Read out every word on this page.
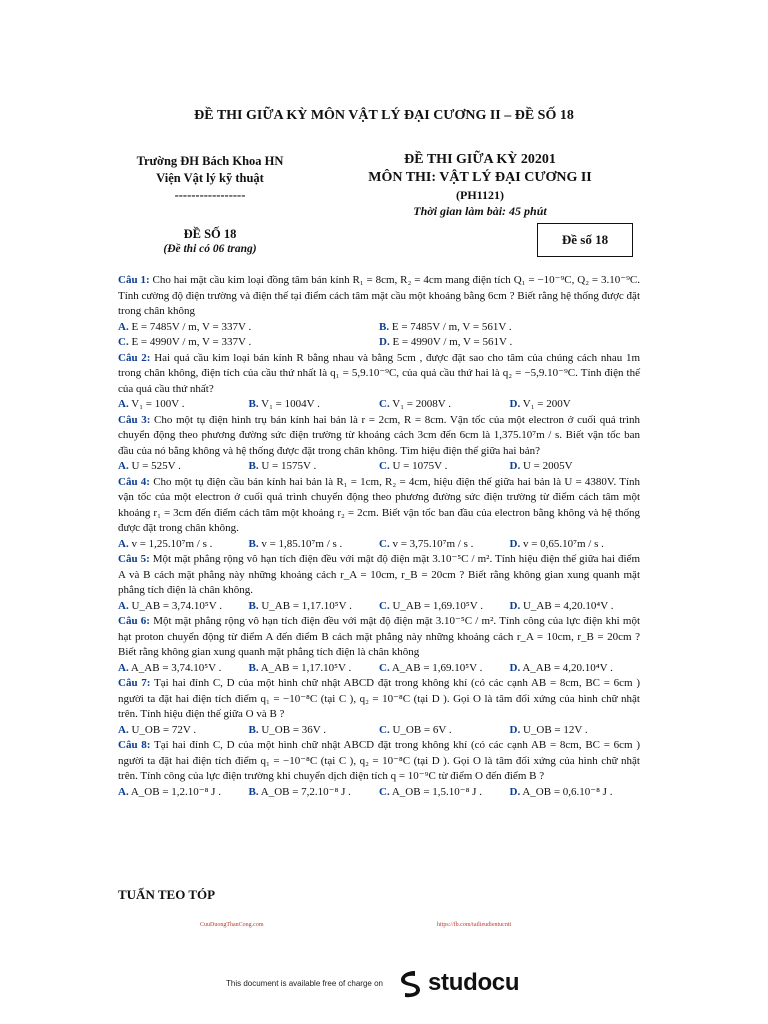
ĐỀ THI GIỮA KỲ MÔN VẬT LÝ ĐẠI CƯƠNG II – ĐỀ SỐ 18
Trường ĐH Bách Khoa HN
Viện Vật lý kỹ thuật
-----------------
ĐỀ THI GIỮA KỲ 20201
MÔN THI: VẬT LÝ ĐẠI CƯƠNG II
(PH1121)
Thời gian làm bài: 45 phút
ĐỀ SỐ 18
(Đề thi có 06 trang)
Đề số 18
Câu 1: Cho hai mặt cầu kim loại đồng tâm bán kính R₁ = 8cm, R₂ = 4cm mang điện tích Q₁ = −10⁻⁹C, Q₂ = 3.10⁻⁹C. Tính cường độ điện trường và điện thế tại điểm cách tâm mặt cầu một khoảng bằng 6cm ? Biết rằng hệ thống được đặt trong chân không
A. E = 7485V / m, V = 337V .	B. E = 7485V / m, V = 561V .
C. E = 4990V / m, V = 337V .	D. E = 4990V / m, V = 561V .
Câu 2: Hai quả cầu kim loại bán kính R bằng nhau và bằng 5cm , được đặt sao cho tâm của chúng cách nhau 1m trong chân không, điện tích của cầu thứ nhất là q₁ = 5,9.10⁻⁹C, của quả cầu thứ hai là q₂ = −5,9.10⁻⁹C. Tính điện thế của quả cầu thứ nhất?
A. V₁ = 100V .	B. V₁ = 1004V .	C. V₁ = 2008V .	D. V₁ = 200V
Câu 3: Cho một tụ điện hình trụ bán kính hai bản là r = 2cm, R = 8cm. Vận tốc của một electron ở cuối quá trình chuyển động theo phương đường sức điện trường từ khoảng cách 3cm đến 6cm là 1,375.10⁷m / s. Biết vận tốc ban đầu của nó bằng không và hệ thống được đặt trong chân không. Tìm hiệu điện thế giữa hai bản?
A. U = 525V .	B. U = 1575V .	C. U = 1075V .	D. U = 2005V
Câu 4: Cho một tụ điện cầu bán kính hai bản là R₁ = 1cm, R₂ = 4cm, hiệu điện thế giữa hai bản là U = 4380V. Tính vận tốc của một electron ở cuối quá trình chuyển động theo phương đường sức điện trường từ điểm cách tâm một khoảng r₁ = 3cm đến điểm cách tâm một khoảng r₂ = 2cm. Biết vận tốc ban đầu của electron bằng không và hệ thống được đặt trong chân không.
A. v = 1,25.10⁷m / s .	B. v = 1,85.10⁷m / s .	C. v = 3,75.10⁷m / s .	D. v = 0,65.10⁷m / s .
Câu 5: Một mặt phẳng rộng vô hạn tích điện đều với mật độ điện mặt 3.10⁻⁵C / m². Tính hiệu điện thế giữa hai điểm A và B cách mặt phẳng này những khoảng cách r_A = 10cm, r_B = 20cm ? Biết rằng không gian xung quanh mặt phẳng tích điện là chân không.
A. U_AB = 3,74.10⁵V .	B. U_AB = 1,17.10⁵V .	C. U_AB = 1,69.10⁵V .	D. U_AB = 4,20.10⁴V .
Câu 6: Một mặt phẳng rộng vô hạn tích điện đều với mật độ điện mặt 3.10⁻⁵C / m². Tính công của lực điện khi một hạt proton chuyển động từ điểm A đến điểm B cách mặt phẳng này những khoảng cách r_A = 10cm, r_B = 20cm ? Biết rằng không gian xung quanh mặt phẳng tích điện là chân không
A. A_AB = 3,74.10⁵V .	B. A_AB = 1,17.10⁵V .	C. A_AB = 1,69.10⁵V .	D. A_AB = 4,20.10⁴V .
Câu 7: Tại hai đỉnh C, D của một hình chữ nhật ABCD đặt trong không khí (có các cạnh AB = 8cm, BC = 6cm ) người ta đặt hai điện tích điểm q₁ = −10⁻⁸C (tại C ), q₂ = 10⁻⁸C (tại D ). Gọi O là tâm đối xứng của hình chữ nhật trên. Tính hiệu điện thế giữa O và B ?
A. U_OB = 72V .	B. U_OB = 36V .	C. U_OB = 6V .	D. U_OB = 12V .
Câu 8: Tại hai đỉnh C, D của một hình chữ nhật ABCD đặt trong không khí (có các cạnh AB = 8cm, BC = 6cm ) người ta đặt hai điện tích điểm q₁ = −10⁻⁸C (tại C ), q₂ = 10⁻⁸C (tại D ). Gọi O là tâm đối xứng của hình chữ nhật trên. Tính công của lực điện trường khi chuyển dịch điện tích q = 10⁻⁹C từ điểm O đến điểm B ?
A. A_OB = 1,2.10⁻⁸ J .	B. A_OB = 7,2.10⁻⁸ J .	C. A_OB = 1,5.10⁻⁸ J .	D. A_OB = 0,6.10⁻⁸ J .
TUẤN TEO TÓP
CuuDuongThanCong.com	https://fb.com/tailieudientucntt
This document is available free of charge on studocu
